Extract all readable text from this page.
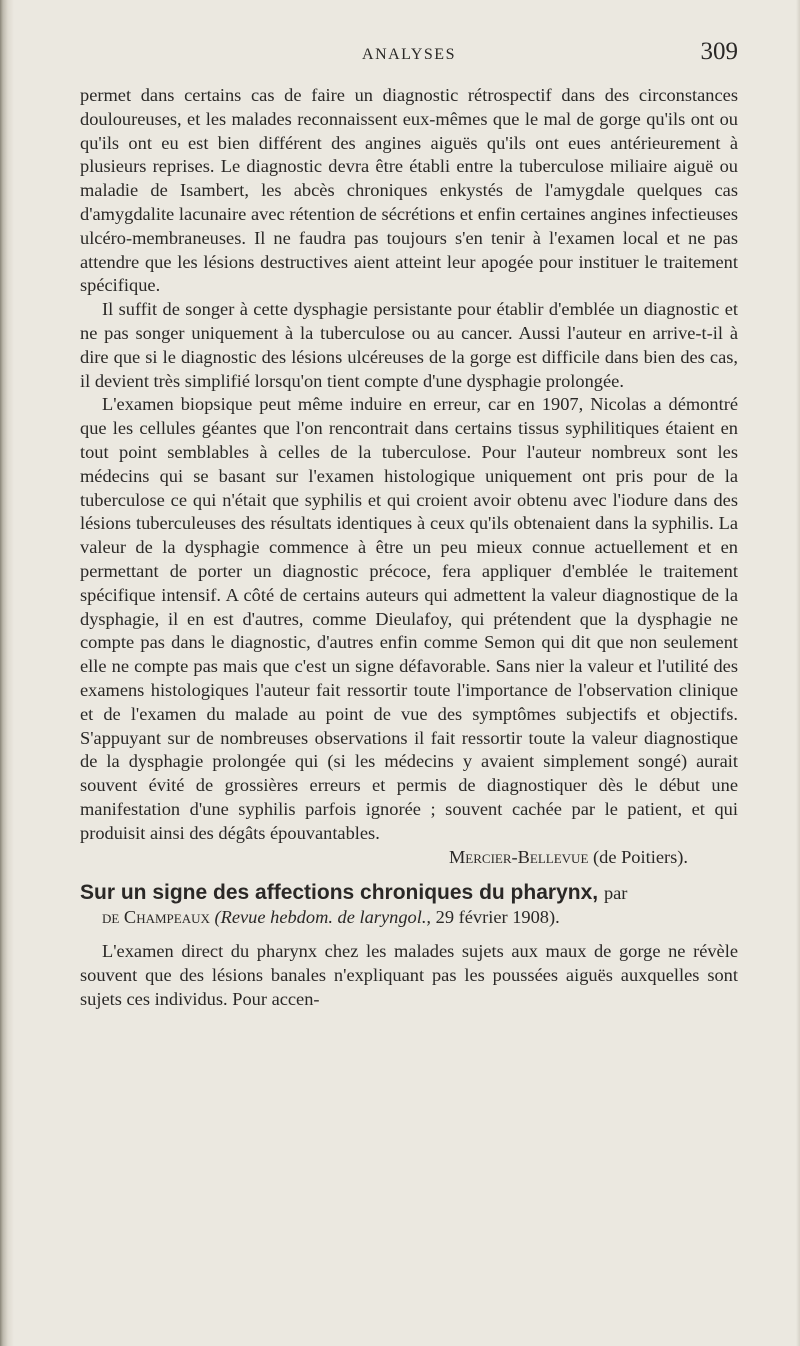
ANALYSES	309

permet dans certains cas de faire un diagnostic rétrospectif dans des circonstances douloureuses, et les malades reconnaissent eux-mêmes que le mal de gorge qu'ils ont ou qu'ils ont eu est bien différent des angines aiguës qu'ils ont eues antérieurement à plusieurs reprises. Le diagnostic devra être établi entre la tuberculose miliaire aiguë ou maladie de Isambert, les abcès chroniques enkystés de l'amygdale quelques cas d'amygdalite lacunaire avec rétention de sécrétions et enfin certaines angines infectieuses ulcéro-membraneuses. Il ne faudra pas toujours s'en tenir à l'examen local et ne pas attendre que les lésions destructives aient atteint leur apogée pour instituer le traitement spécifique.

Il suffit de songer à cette dysphagie persistante pour établir d'emblée un diagnostic et ne pas songer uniquement à la tuberculose ou au cancer. Aussi l'auteur en arrive-t-il à dire que si le diagnostic des lésions ulcéreuses de la gorge est difficile dans bien des cas, il devient très simplifié lorsqu'on tient compte d'une dysphagie prolongée.

L'examen biopsique peut même induire en erreur, car en 1907, Nicolas a démontré que les cellules géantes que l'on rencontrait dans certains tissus syphilitiques étaient en tout point semblables à celles de la tuberculose. Pour l'auteur nombreux sont les médecins qui se basant sur l'examen histologique uniquement ont pris pour de la tuberculose ce qui n'était que syphilis et qui croient avoir obtenu avec l'iodure dans des lésions tuberculeuses des résultats identiques à ceux qu'ils obtenaient dans la syphilis. La valeur de la dysphagie commence à être un peu mieux connue actuellement et en permettant de porter un diagnostic précoce, fera appliquer d'emblée le traitement spécifique intensif. A côté de certains auteurs qui admettent la valeur diagnostique de la dysphagie, il en est d'autres, comme Dieulafoy, qui prétendent que la dysphagie ne compte pas dans le diagnostic, d'autres enfin comme Semon qui dit que non seulement elle ne compte pas mais que c'est un signe défavorable. Sans nier la valeur et l'utilité des examens histologiques l'auteur fait ressortir toute l'importance de l'observation clinique et de l'examen du malade au point de vue des symptômes subjectifs et objectifs. S'appuyant sur de nombreuses observations il fait ressortir toute la valeur diagnostique de la dysphagie prolongée qui (si les médecins y avaient simplement songé) aurait souvent évité de grossières erreurs et permis de diagnostiquer dès le début une manifestation d'une syphilis parfois ignorée ; souvent cachée par le patient, et qui produisit ainsi des dégâts épouvantables.

Mercier-Bellevue (de Poitiers).

Sur un signe des affections chroniques du pharynx, par

de Champeaux (Revue hebdom. de laryngol., 29 février 1908).

L'examen direct du pharynx chez les malades sujets aux maux de gorge ne révèle souvent que des lésions banales n'expliquant pas les poussées aiguës auxquelles sont sujets ces individus. Pour accen-
